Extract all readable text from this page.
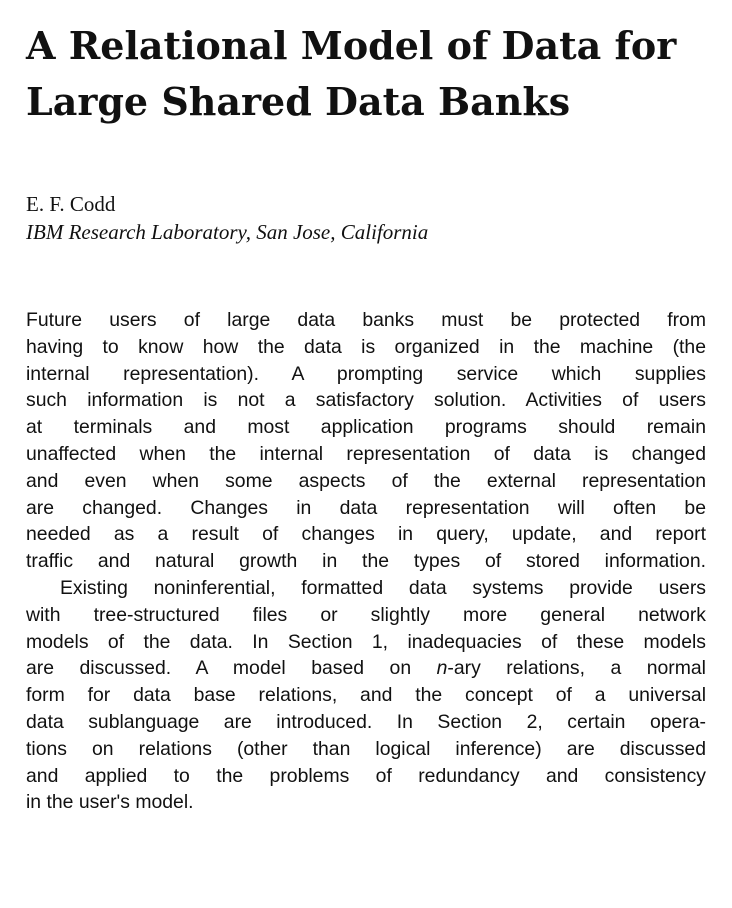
A Relational Model of Data for
Large Shared Data Banks
E. F. Codd
IBM Research Laboratory, San Jose, California
Future users of large data banks must be protected from
having to know how the data is organized in the machine (the
internal representation). A prompting service which supplies
such information is not a satisfactory solution. Activities of users
at terminals and most application programs should remain
unaffected when the internal representation of data is changed
and even when some aspects of the external representation
are changed. Changes in data representation will often be
needed as a result of changes in query, update, and report
traffic and natural growth in the types of stored information.
Existing noninferential, formatted data systems provide users
with tree-structured files or slightly more general network
models of the data. In Section 1, inadequacies of these models
are discussed. A model based on n-ary relations, a normal
form for data base relations, and the concept of a universal
data sublanguage are introduced. In Section 2, certain opera-
tions on relations (other than logical inference) are discussed
and applied to the problems of redundancy and consistency
in the user's model.
